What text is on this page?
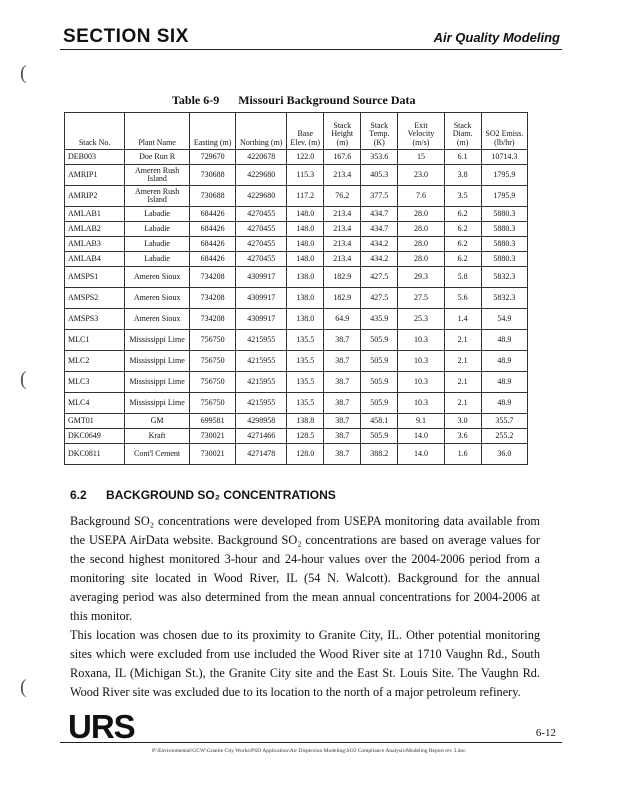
SECTION SIX	Air Quality Modeling
(
(
(
Table 6-9 Missouri Background Source Data
Stack No.	Plant Name	Easting (m)	Northing (m)	Base Elev. (m)	Stack Height (m)	Stack Temp. (K)	Exit Velocity (m/s)	Stack Diam. (m)	SO2 Emiss. (lb/hr)
DEB003	Doe Run R	729670	4220678	122.0	167.6	353.6	15	6.1	10714.3
AMRIP1	Ameren Rush Island	730688	4229680	115.3	213.4	405.3	23.0	3.8	1795.9
AMRIP2	Ameren Rush Island	730688	4229680	117.2	76.2	377.5	7.6	3.5	1795.9
AMLAB1	Labadie	684426	4270455	148.0	213.4	434.7	28.0	6.2	5880.3
AMLAB2	Labadie	684426	4270455	148.0	213.4	434.7	28.0	6.2	5880.3
AMLAB3	Labadie	684426	4270455	148.0	213.4	434.2	28.0	6.2	5880.3
AMLAB4	Labadie	684426	4270455	148.0	213.4	434.2	28.0	6.2	5880.3
AMSPS1	Ameren Sioux	734208	4309917	138.0	182.9	427.5	29.3	5.8	5832.3
AMSPS2	Ameren Sioux	734208	4309917	138.0	182.9	427.5	27.5	5.6	5832.3
AMSPS3	Ameren Sioux	734208	4309917	138.0	64.9	435.9	25.3	1.4	54.9
MLC1	Mississippi Lime	756750	4215955	135.5	38.7	505.9	10.3	2.1	48.9
MLC2	Mississippi Lime	756750	4215955	135.5	38.7	505.9	10.3	2.1	48.9
MLC3	Mississippi Lime	756750	4215955	135.5	38.7	505.9	10.3	2.1	48.9
MLC4	Mississippi Lime	756750	4215955	135.5	38.7	505.9	10.3	2.1	48.9
GMT01	GM	699581	4298958	138.8	38.7	458.1	9.1	3.0	355.7
DKC0649	Kraft	730021	4271466	128.5	38.7	505.9	14.0	3.6	255.2
DKC0811	Cont'l Cement	730021	4271478	128.0	38.7	388.2	14.0	1.6	36.0
6.2 BACKGROUND SO₂ CONCENTRATIONS

Background SO₂ concentrations were developed from USEPA monitoring data available from the USEPA AirData website. Background SO₂ concentrations are based on average values for the second highest monitored 3-hour and 24-hour values over the 2004-2006 period from a monitoring site located in Wood River, IL (54 N. Walcott). Background for the annual averaging period was also determined from the mean annual concentrations for 2004-2006 at this monitor.

This location was chosen due to its proximity to Granite City, IL. Other potential monitoring sites which were excluded from use included the Wood River site at 1710 Vaughn Rd., South Roxana, IL (Michigan St.), the Granite City site and the East St. Louis Site. The Vaughn Rd. Wood River site was excluded due to its location to the north of a major petroleum refinery.

URS	6-12
P:\Environmental\GCW\Granite City Works\PSD Application\Air Dispersion Modeling\SO2 Compliance Analysis\Modeling Report rev 3.doc
